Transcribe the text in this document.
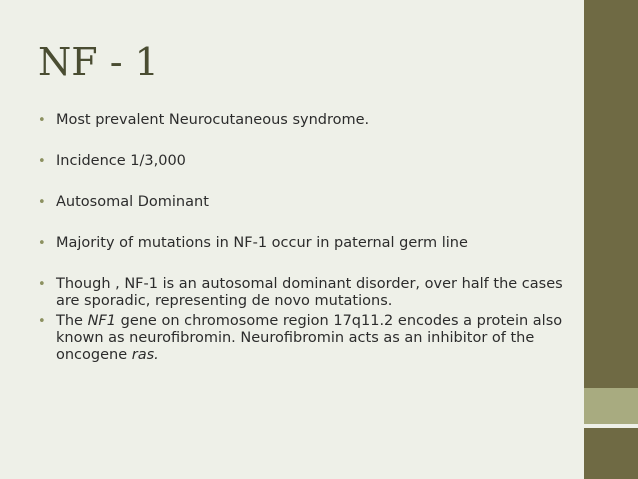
NF - 1
• Most prevalent Neurocutaneous syndrome.
• Incidence 1/3,000
• Autosomal Dominant
• Majority of mutations in NF-1 occur in paternal germ line
• Though , NF-1 is an autosomal dominant disorder, over half the cases are sporadic, representing de novo mutations.
• The NF1 gene on chromosome region 17q11.2 encodes a protein also known as neurofibromin. Neurofibromin acts as an inhibitor of the oncogene ras.
